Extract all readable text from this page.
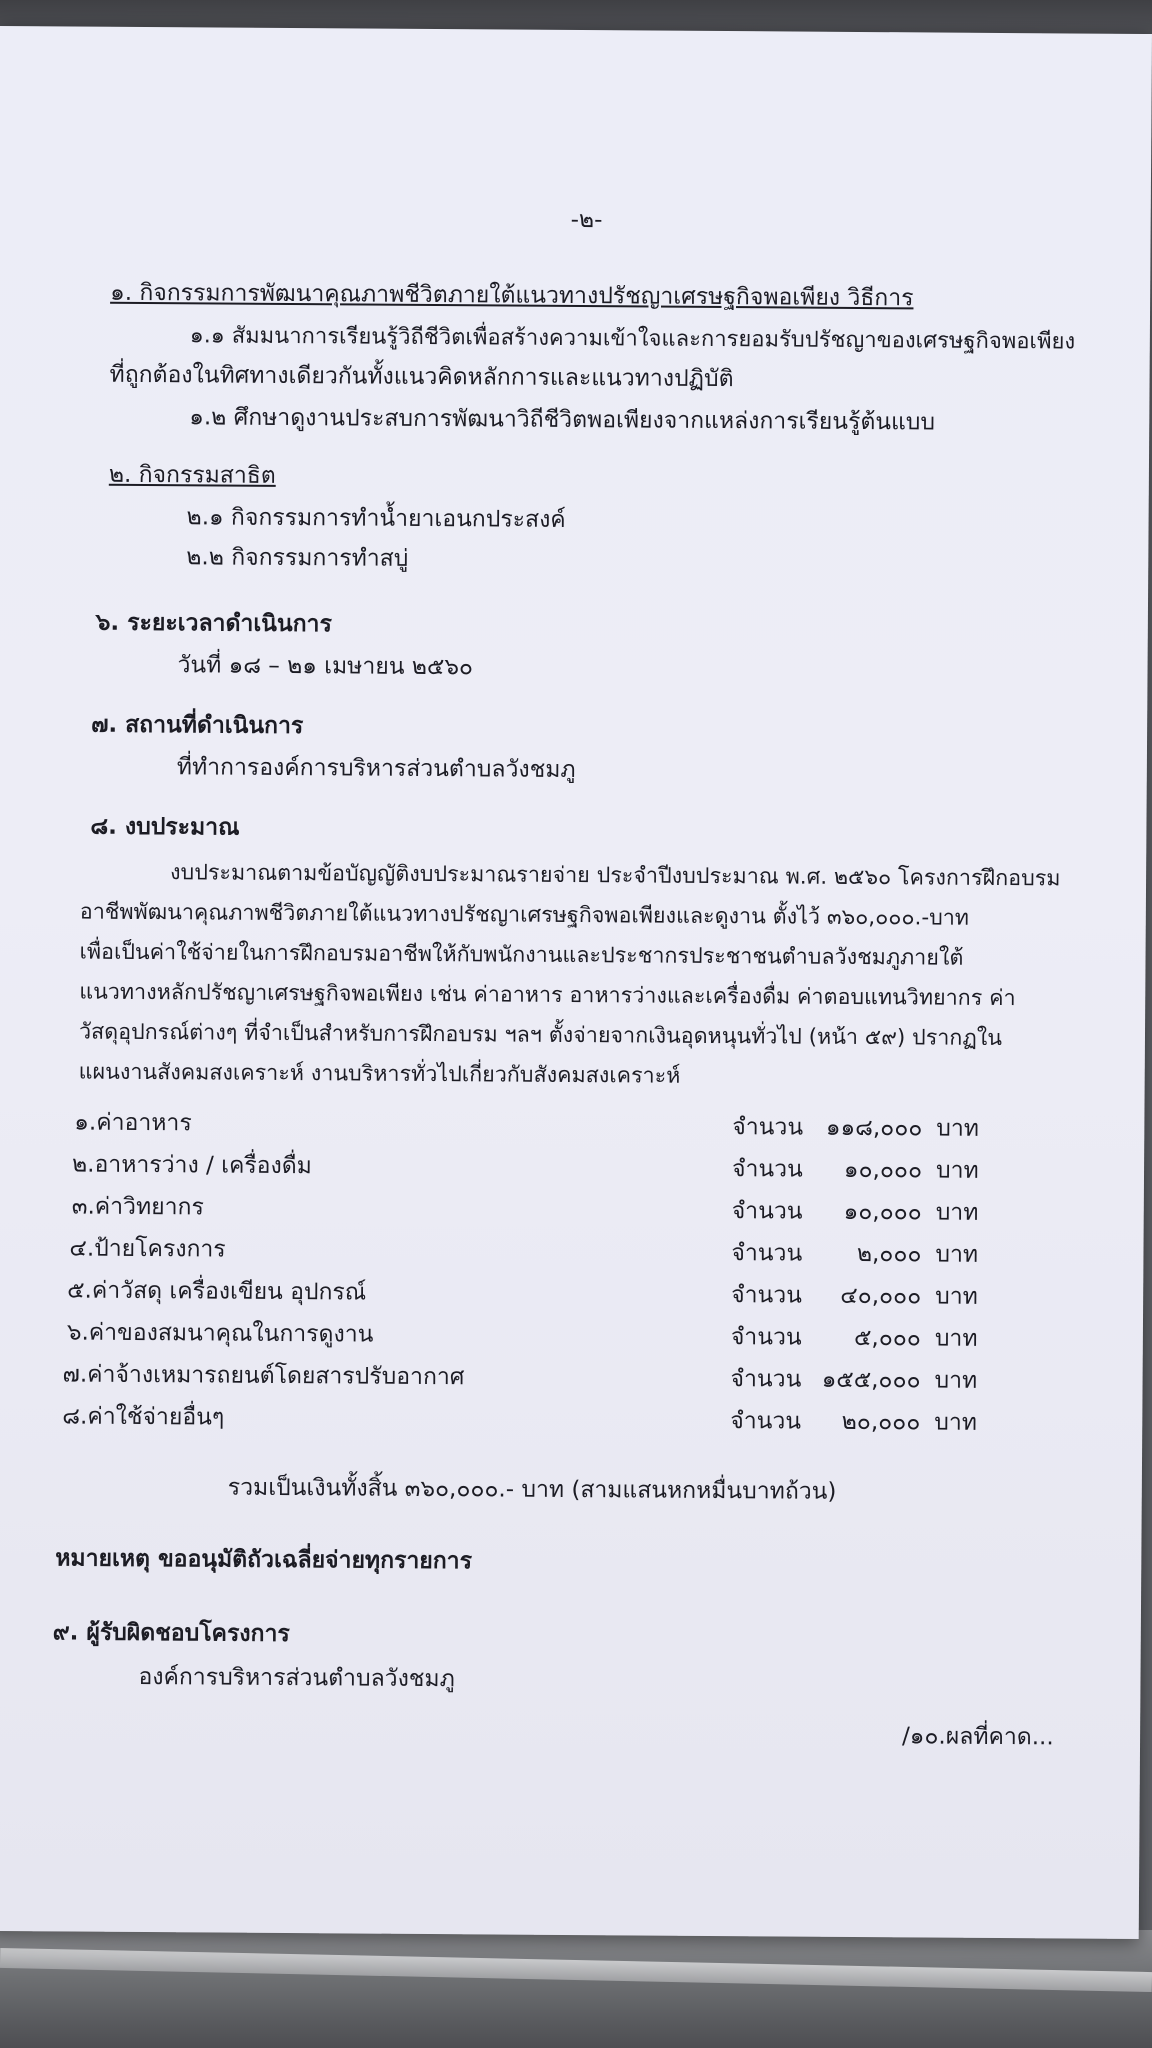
-๒-
๑. กิจกรรมการพัฒนาคุณภาพชีวิตภายใต้แนวทางปรัชญาเศรษฐกิจพอเพียง วิธีการ
๑.๑ สัมมนาการเรียนรู้วิถีชีวิตเพื่อสร้างความเข้าใจและการยอมรับปรัชญาของเศรษฐกิจพอเพียง
ที่ถูกต้องในทิศทางเดียวกันทั้งแนวคิดหลักการและแนวทางปฏิบัติ
๑.๒ ศึกษาดูงานประสบการพัฒนาวิถีชีวิตพอเพียงจากแหล่งการเรียนรู้ต้นแบบ
๒. กิจกรรมสาธิต
๒.๑ กิจกรรมการทำน้ำยาเอนกประสงค์
๒.๒ กิจกรรมการทำสบู่
๖. ระยะเวลาดำเนินการ
วันที่ ๑๘ – ๒๑ เมษายน ๒๕๖๐
๗. สถานที่ดำเนินการ
ที่ทำการองค์การบริหารส่วนตำบลวังชมภู
๘. งบประมาณ
งบประมาณตามข้อบัญญัติงบประมาณรายจ่าย ประจำปีงบประมาณ พ.ศ. ๒๕๖๐ โครงการฝึกอบรม
อาชีพพัฒนาคุณภาพชีวิตภายใต้แนวทางปรัชญาเศรษฐกิจพอเพียงและดูงาน ตั้งไว้ ๓๖๐,๐๐๐.-บาท
เพื่อเป็นค่าใช้จ่ายในการฝึกอบรมอาชีพให้กับพนักงานและประชากรประชาชนตำบลวังชมภูภายใต้
แนวทางหลักปรัชญาเศรษฐกิจพอเพียง เช่น ค่าอาหาร อาหารว่างและเครื่องดื่ม ค่าตอบแทนวิทยากร ค่า
วัสดุอุปกรณ์ต่างๆ ที่จำเป็นสำหรับการฝึกอบรม ฯลฯ ตั้งจ่ายจากเงินอุดหนุนทั่วไป (หน้า ๕๙) ปรากฏใน
แผนงานสังคมสงเคราะห์ งานบริหารทั่วไปเกี่ยวกับสังคมสงเคราะห์
๑.ค่าอาหาร	จำนวน ๑๑๘,๐๐๐ บาท
๒.อาหารว่าง / เครื่องดื่ม	จำนวน	๑๐,๐๐๐ บาท
๓.ค่าวิทยากร	จำนวน	๑๐,๐๐๐ บาท
๔.ป้ายโครงการ	จำนวน	๒,๐๐๐ บาท
๕.ค่าวัสดุ เครื่องเขียน อุปกรณ์	จำนวน	๔๐,๐๐๐ บาท
๖.ค่าของสมนาคุณในการดูงาน	จำนวน	๕,๐๐๐ บาท
๗.ค่าจ้างเหมารถยนต์โดยสารปรับอากาศ	จำนวน ๑๕๕,๐๐๐ บาท
๘.ค่าใช้จ่ายอื่นๆ	จำนวน	๒๐,๐๐๐ บาท
รวมเป็นเงินทั้งสิ้น ๓๖๐,๐๐๐.- บาท (สามแสนหกหมื่นบาทถ้วน)
หมายเหตุ ขออนุมัติถัวเฉลี่ยจ่ายทุกรายการ
๙. ผู้รับผิดชอบโครงการ
องค์การบริหารส่วนตำบลวังชมภู
/๑๐.ผลที่คาด...
